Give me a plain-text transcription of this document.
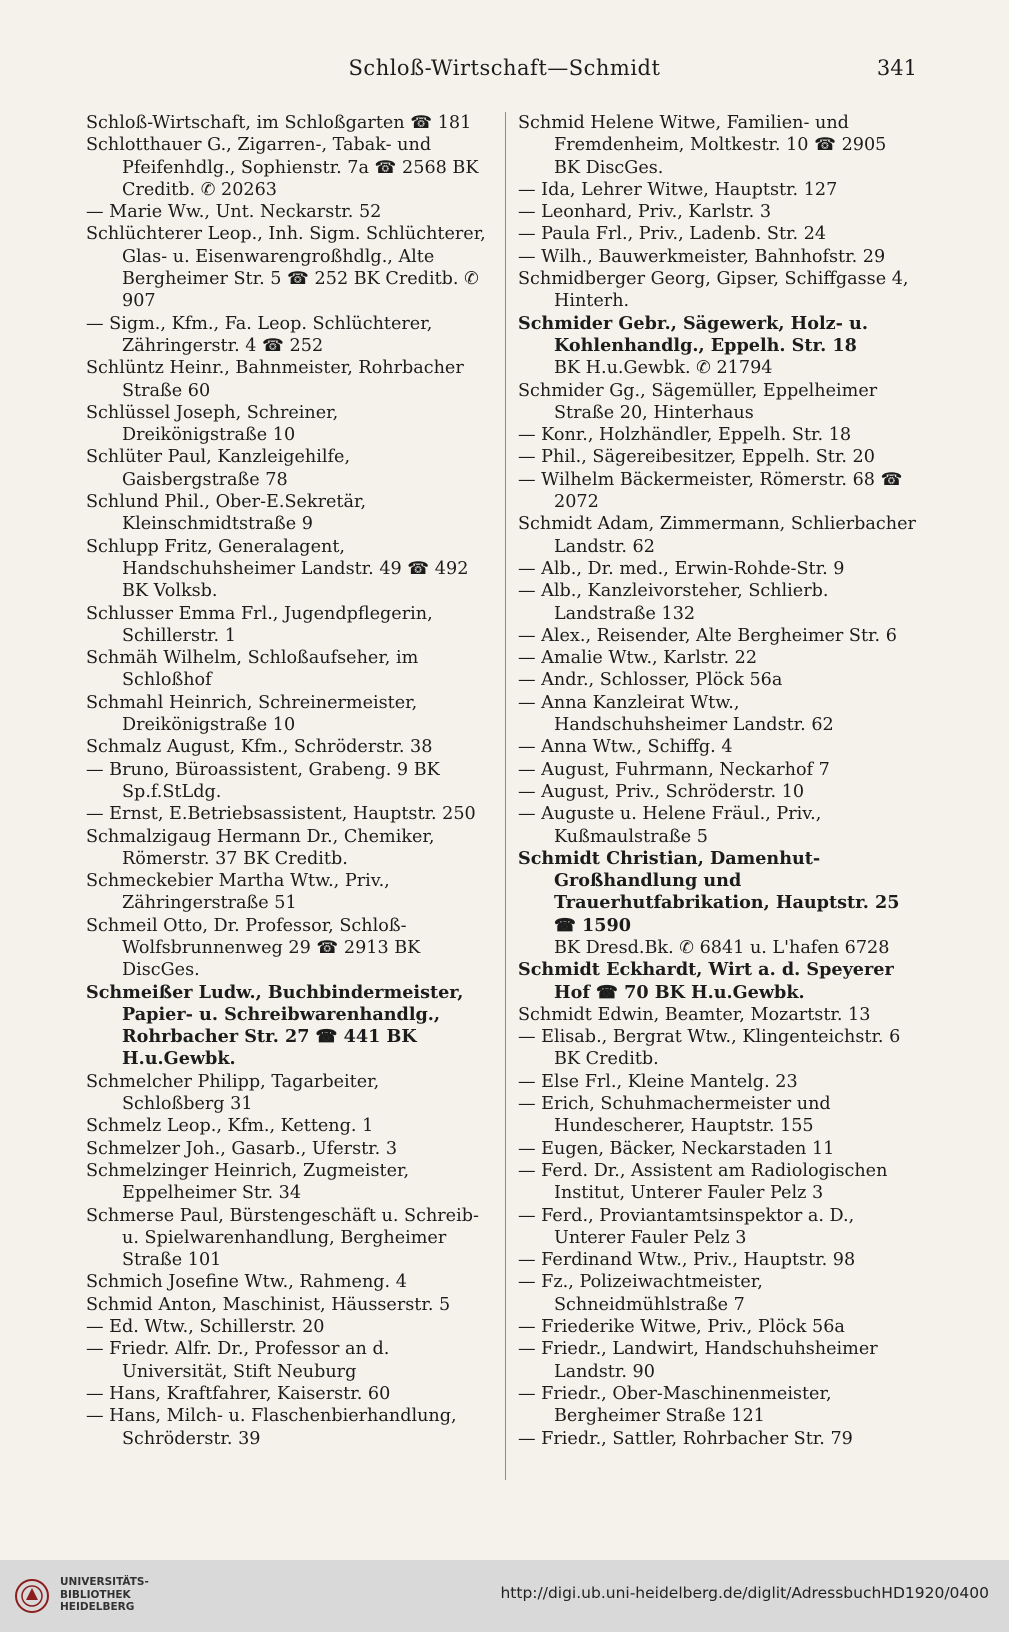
Schloß-Wirtschaft—Schmidt	341
Schloß-Wirtschaft, im Schloßgarten ☎ 181
Schlotthauer G., Zigarren-, Tabak- und Pfeifenhdlg., Sophienstr. 7a ☎ 2568 BK Creditb. ✆ 20263
— Marie Ww., Unt. Neckarstr. 52
Schlüchterer Leop., Inh. Sigm. Schlüchterer, Glas- u. Eisenwarengroßhdlg., Alte Bergheimer Str. 5 ☎ 252 BK Creditb. ✆ 907
— Sigm., Kfm., Fa. Leop. Schlüchterer, Zähringerstr. 4 ☎ 252
Schlüntz Heinr., Bahnmeister, Rohrbacher Straße 60
Schlüssel Joseph, Schreiner, Dreikönigstraße 10
Schlüter Paul, Kanzleigehilfe, Gaisbergstraße 78
Schlund Phil., Ober-E.Sekretär, Kleinschmidtstraße 9
Schlupp Fritz, Generalagent, Handschuhsheimer Landstr. 49 ☎ 492 BK Volksb.
Schlusser Emma Frl., Jugendpflegerin, Schillerstr. 1
Schmäh Wilhelm, Schloßaufseher, im Schloßhof
Schmahl Heinrich, Schreinermeister, Dreikönigstraße 10
Schmalz August, Kfm., Schröderstr. 38
— Bruno, Büroassistent, Grabeng. 9 BK Sp.f.StLdg.
— Ernst, E.Betriebsassistent, Hauptstr. 250
Schmalzigaug Hermann Dr., Chemiker, Römerstr. 37 BK Creditb.
Schmeckebier Martha Wtw., Priv., Zähringerstraße 51
Schmeil Otto, Dr. Professor, Schloß-Wolfsbrunnenweg 29 ☎ 2913 BK DiscGes.
Schmeißer Ludw., Buchbindermeister, Papier- u. Schreibwarenhandlg., Rohrbacher Str. 27 ☎ 441 BK H.u.Gewbk.
Schmelcher Philipp, Tagarbeiter, Schloßberg 31
Schmelz Leop., Kfm., Ketteng. 1
Schmelzer Joh., Gasarb., Uferstr. 3
Schmelzinger Heinrich, Zugmeister, Eppelheimer Str. 34
Schmerse Paul, Bürstengeschäft u. Schreib- u. Spielwarenhandlung, Bergheimer Straße 101
Schmich Josefine Wtw., Rahmeng. 4
Schmid Anton, Maschinist, Häusserstr. 5
— Ed. Wtw., Schillerstr. 20
— Friedr. Alfr. Dr., Professor an d. Universität, Stift Neuburg
— Hans, Kraftfahrer, Kaiserstr. 60
— Hans, Milch- u. Flaschenbierhandlung, Schröderstr. 39
Schmid Helene Witwe, Familien- und Fremdenheim, Moltkestr. 10 ☎ 2905 BK DiscGes.
— Ida, Lehrer Witwe, Hauptstr. 127
— Leonhard, Priv., Karlstr. 3
— Paula Frl., Priv., Ladenb. Str. 24
— Wilh., Bauwerkmeister, Bahnhofstr. 29
Schmidberger Georg, Gipser, Schiffgasse 4, Hinterh.
Schmider Gebr., Sägewerk, Holz- u. Kohlenhandlg., Eppelh. Str. 18
BK H.u.Gewbk. ✆ 21794
Schmider Gg., Sägemüller, Eppelheimer Straße 20, Hinterhaus
— Konr., Holzhändler, Eppelh. Str. 18
— Phil., Sägereibesitzer, Eppelh. Str. 20
— Wilhelm Bäckermeister, Römerstr. 68 ☎ 2072
Schmidt Adam, Zimmermann, Schlierbacher Landstr. 62
— Alb., Dr. med., Erwin-Rohde-Str. 9
— Alb., Kanzleivorsteher, Schlierb. Landstraße 132
— Alex., Reisender, Alte Bergheimer Str. 6
— Amalie Wtw., Karlstr. 22
— Andr., Schlosser, Plöck 56a
— Anna Kanzleirat Wtw., Handschuhsheimer Landstr. 62
— Anna Wtw., Schiffg. 4
— August, Fuhrmann, Neckarhof 7
— August, Priv., Schröderstr. 10
— Auguste u. Helene Fräul., Priv., Kußmaulstraße 5
Schmidt Christian, Damenhut-Großhandlung und Trauerhutfabrikation, Hauptstr. 25 ☎ 1590
BK Dresd.Bk. ✆ 6841 u. L'hafen 6728
Schmidt Eckhardt, Wirt a. d. Speyerer Hof ☎ 70 BK H.u.Gewbk.
Schmidt Edwin, Beamter, Mozartstr. 13
— Elisab., Bergrat Wtw., Klingenteichstr. 6 BK Creditb.
— Else Frl., Kleine Mantelg. 23
— Erich, Schuhmachermeister und Hundescherer, Hauptstr. 155
— Eugen, Bäcker, Neckarstaden 11
— Ferd. Dr., Assistent am Radiologischen Institut, Unterer Fauler Pelz 3
— Ferd., Proviantamtsinspektor a. D., Unterer Fauler Pelz 3
— Ferdinand Wtw., Priv., Hauptstr. 98
— Fz., Polizeiwachtmeister, Schneidmühlstraße 7
— Friederike Witwe, Priv., Plöck 56a
— Friedr., Landwirt, Handschuhsheimer Landstr. 90
— Friedr., Ober-Maschinenmeister, Bergheimer Straße 121
— Friedr., Sattler, Rohrbacher Str. 79
UNIVERSITÄTS-
BIBLIOTHEK
HEIDELBERG
http://digi.ub.uni-heidelberg.de/diglit/AdressbuchHD1920/0400
